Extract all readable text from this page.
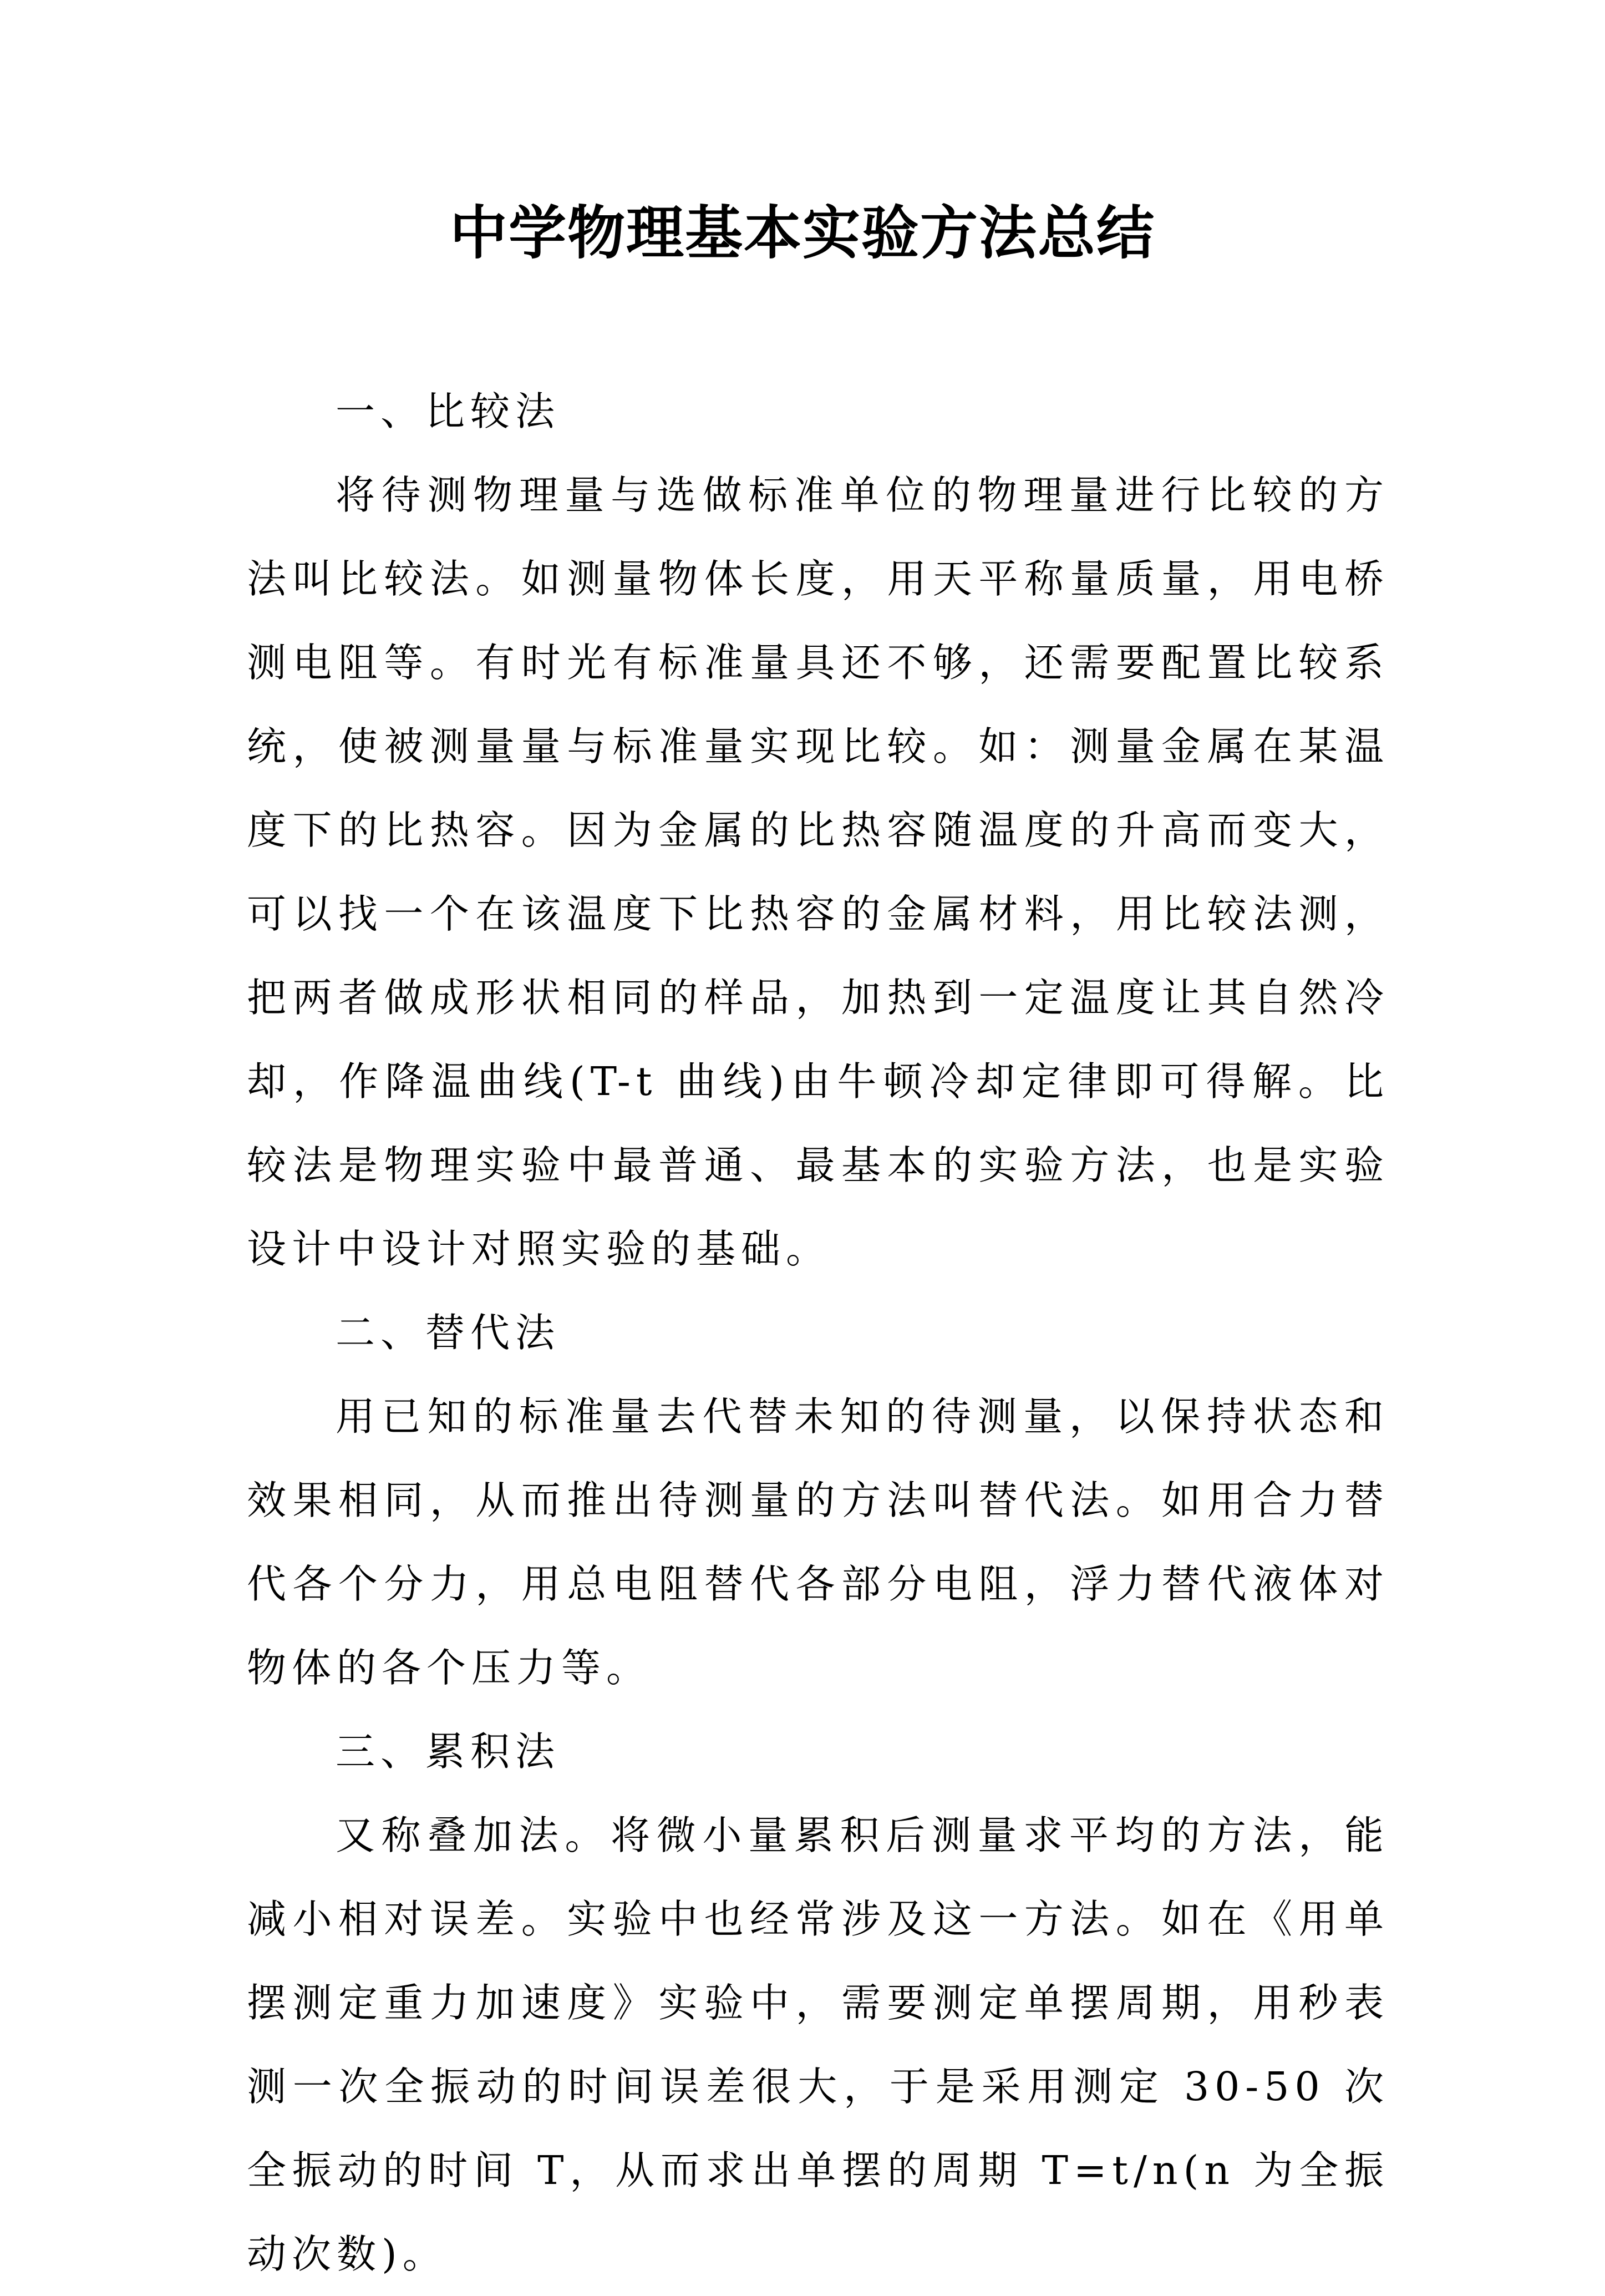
中学物理基本实验方法总结

一、比较法

将待测物理量与选做标准单位的物理量进行比较的方法叫比较法。如测量物体长度，用天平称量质量，用电桥测电阻等。有时光有标准量具还不够，还需要配置比较系统，使被测量量与标准量实现比较。如：测量金属在某温度下的比热容。因为金属的比热容随温度的升高而变大，可以找一个在该温度下比热容的金属材料，用比较法测，把两者做成形状相同的样品，加热到一定温度让其自然冷却，作降温曲线(T-t 曲线)由牛顿冷却定律即可得解。比较法是物理实验中最普通、最基本的实验方法，也是实验设计中设计对照实验的基础。

二、替代法

用已知的标准量去代替未知的待测量，以保持状态和效果相同，从而推出待测量的方法叫替代法。如用合力替代各个分力，用总电阻替代各部分电阻，浮力替代液体对物体的各个压力等。

三、累积法

又称叠加法。将微小量累积后测量求平均的方法，能减小相对误差。实验中也经常涉及这一方法。如在《用单摆测定重力加速度》实验中，需要测定单摆周期，用秒表测一次全振动的时间误差很大，于是采用测定 30-50 次全振动的时间 T，从而求出单摆的周期 T=t/n(n 为全振动次数)。
